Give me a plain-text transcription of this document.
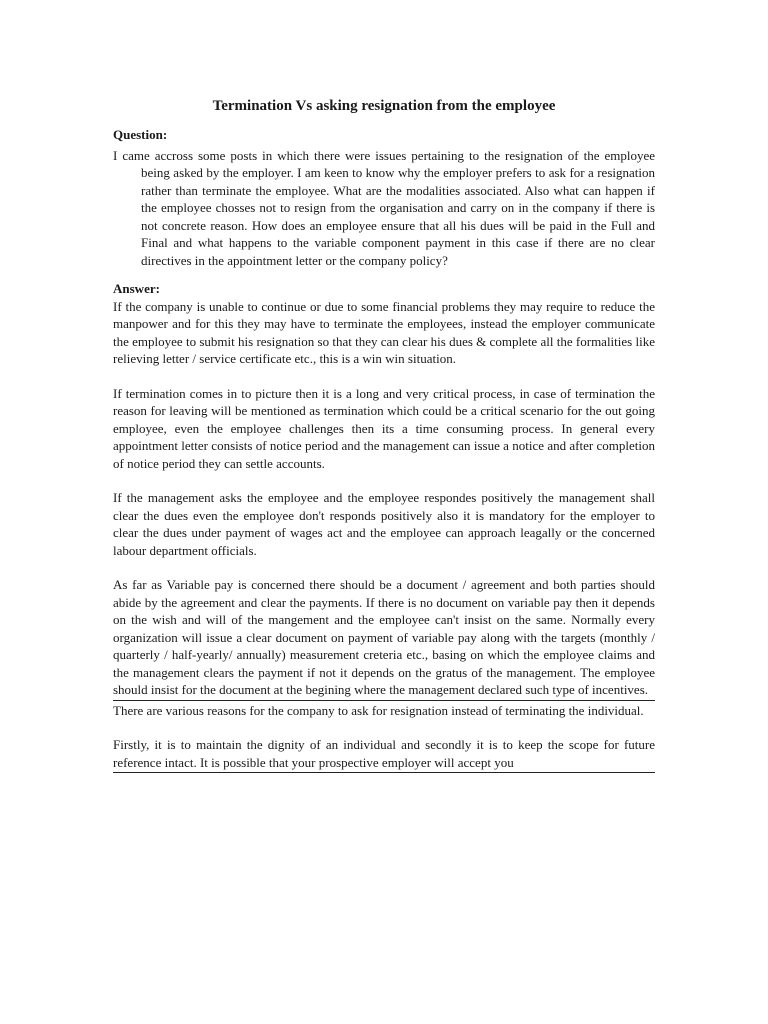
Termination Vs asking resignation from the employee

Question:

I came accross some posts in which there were issues pertaining to the resignation of the employee being asked by the employer. I am keen to know why the employer prefers to ask for a resignation rather than terminate the employee. What are the modalities associated. Also what can happen if the employee chosses not to resign from the organisation and carry on in the company if there is not concrete reason. How does an employee ensure that all his dues will be paid in the Full and Final and what happens to the variable component payment in this case if there are no clear directives in the appointment letter or the company policy?

Answer:

If the company is unable to continue or due to some financial problems they may require to reduce the manpower and for this they may have to terminate the employees, instead the employer communicate the employee to submit his resignation so that they can clear his dues & complete all the formalities like relieving letter / service certificate etc., this is a win win situation.

If termination comes in to picture then it is a long and very critical process, in case of termination the reason for leaving will be mentioned as termination which could be a critical scenario for the out going employee, even the employee challenges then its a time consuming process. In general every appointment letter consists of notice period and the management can issue a notice and after completion of notice period they can settle accounts.

If the management asks the employee and the employee respondes positively the management shall clear the dues even the employee don't responds positively also it is mandatory for the employer to clear the dues under payment of wages act and the employee can approach leagally or the concerned labour department officials.

As far as Variable pay is concerned there should be a document / agreement and both parties should abide by the agreement and clear the payments. If there is no document on variable pay then it depends on the wish and will of the mangement and the employee can't insist on the same. Normally every organization will issue a clear document on payment of variable pay along with the targets (monthly / quarterly / half-yearly/ annually) measurement creteria etc., basing on which the employee claims and the management clears the payment if not it depends on the gratus of the management. The employee should insist for the document at the begining where the management declared such type of incentives.

There are various reasons for the company to ask for resignation instead of terminating the individual.

Firstly, it is to maintain the dignity of an individual and secondly it is to keep the scope for future reference intact. It is possible that your prospective employer will accept you
